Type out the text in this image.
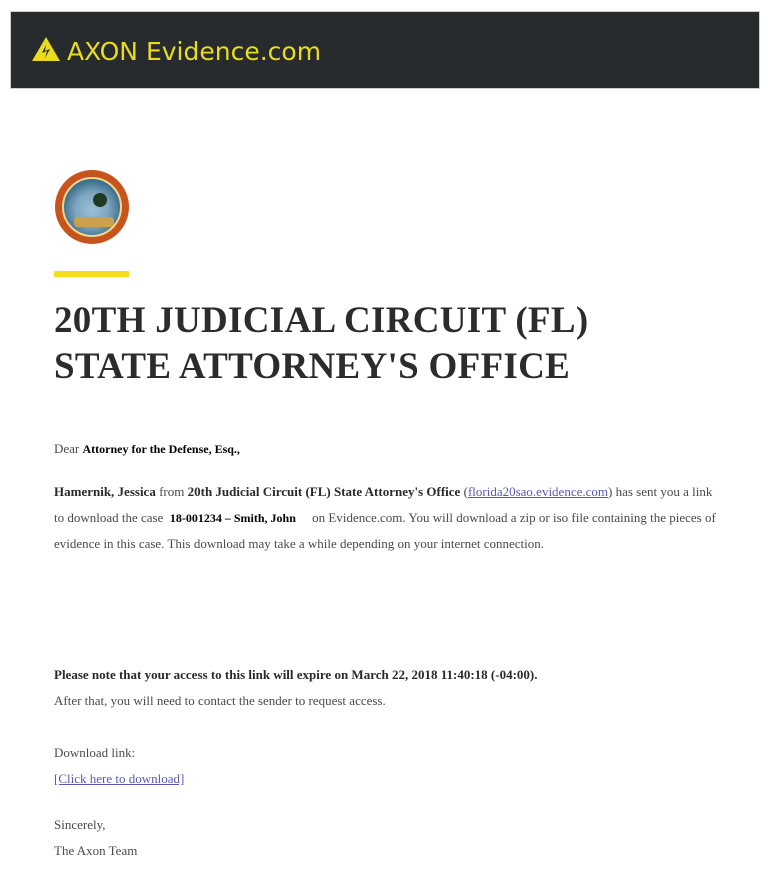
AXON Evidence.com
20TH JUDICIAL CIRCUIT (FL)
STATE ATTORNEY'S OFFICE

Dear Attorney for the Defense, Esq.,

Hamernik, Jessica from 20th Judicial Circuit (FL) State Attorney's Office (florida20sao.evidence.com) has sent you a link to download the case 18-001234 – Smith, John on Evidence.com. You will download a zip or iso file containing the pieces of evidence in this case. This download may take a while depending on your internet connection.

Please note that your access to this link will expire on March 22, 2018 11:40:18 (-04:00).
After that, you will need to contact the sender to request access.

Download link:
[Click here to download]

Sincerely,
The Axon Team
